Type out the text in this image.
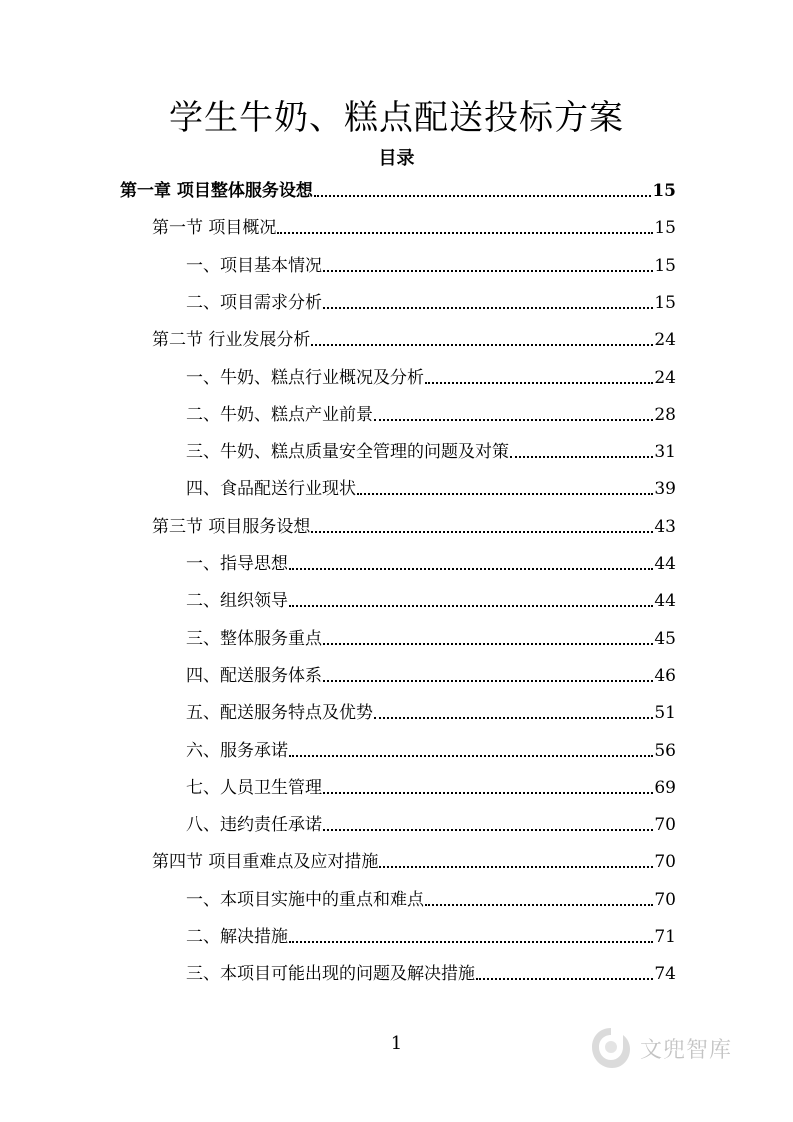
学生牛奶、糕点配送投标方案
目录
第一章 项目整体服务设想	15
第一节 项目概况	15
一、项目基本情况	15
二、项目需求分析	15
第二节 行业发展分析	24
一、牛奶、糕点行业概况及分析	24
二、牛奶、糕点产业前景	28
三、牛奶、糕点质量安全管理的问题及对策	31
四、食品配送行业现状	39
第三节 项目服务设想	43
一、指导思想	44
二、组织领导	44
三、整体服务重点	45
四、配送服务体系	46
五、配送服务特点及优势	51
六、服务承诺	56
七、人员卫生管理	69
八、违约责任承诺	70
第四节 项目重难点及应对措施	70
一、本项目实施中的重点和难点	70
二、解决措施	71
三、本项目可能出现的问题及解决措施	74
1	文兜智库
